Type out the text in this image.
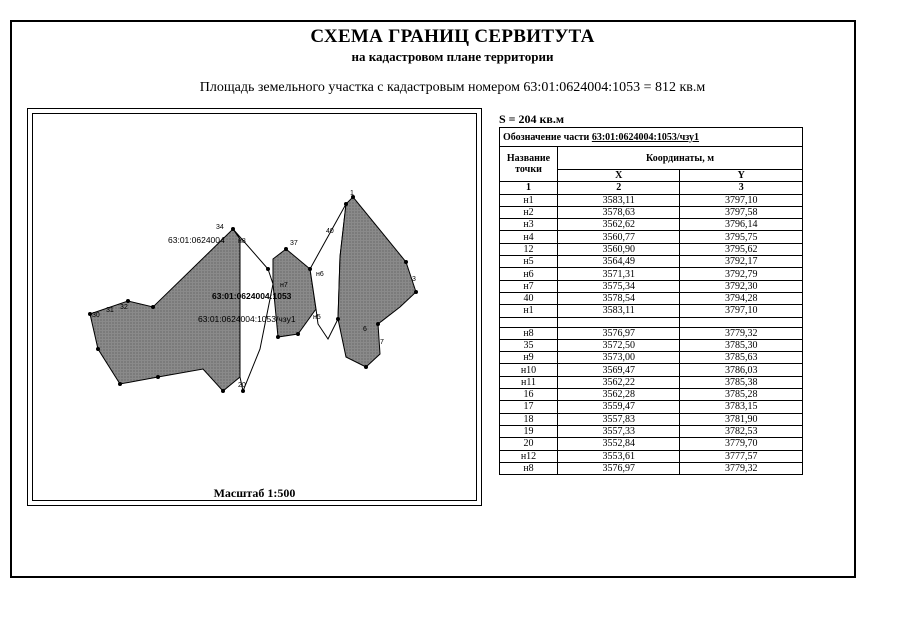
СХЕМА ГРАНИЦ СЕРВИТУТА
на кадастровом плане территории
Площадь земельного участка с кадастровым номером 63:01:0624004:1053 = 812 кв.м
1
3
6
7
34
н8	37
40
30
31 32
20
н6
н5
н7
63:01:0624004
63:01:0624004:1053
63:01:0624004:1053/чзу1
Масштаб 1:500
S = 204 кв.м
Обозначение части 63:01:0624004:1053/чзу1		
Название точки	Координаты, м	
	X	Y
1	2	3
н1	3583,11	3797,10
н2	3578,63	3797,58
н3	3562,62	3796,14
н4	3560,77	3795,75
12	3560,90	3795,62
н5	3564,49	3792,17
н6	3571,31	3792,79
н7	3575,34	3792,30
40	3578,54	3794,28
н1	3583,11	3797,10

н8	3576,97	3779,32
35	3572,50	3785,30
н9	3573,00	3785,63
н10	3569,47	3786,03
н11	3562,22	3785,38
16	3562,28	3785,28
17	3559,47	3783,15
18	3557,83	3781,90
19	3557,33	3782,53
20	3552,84	3779,70
н12	3553,61	3777,57
н8	3576,97	3779,32
